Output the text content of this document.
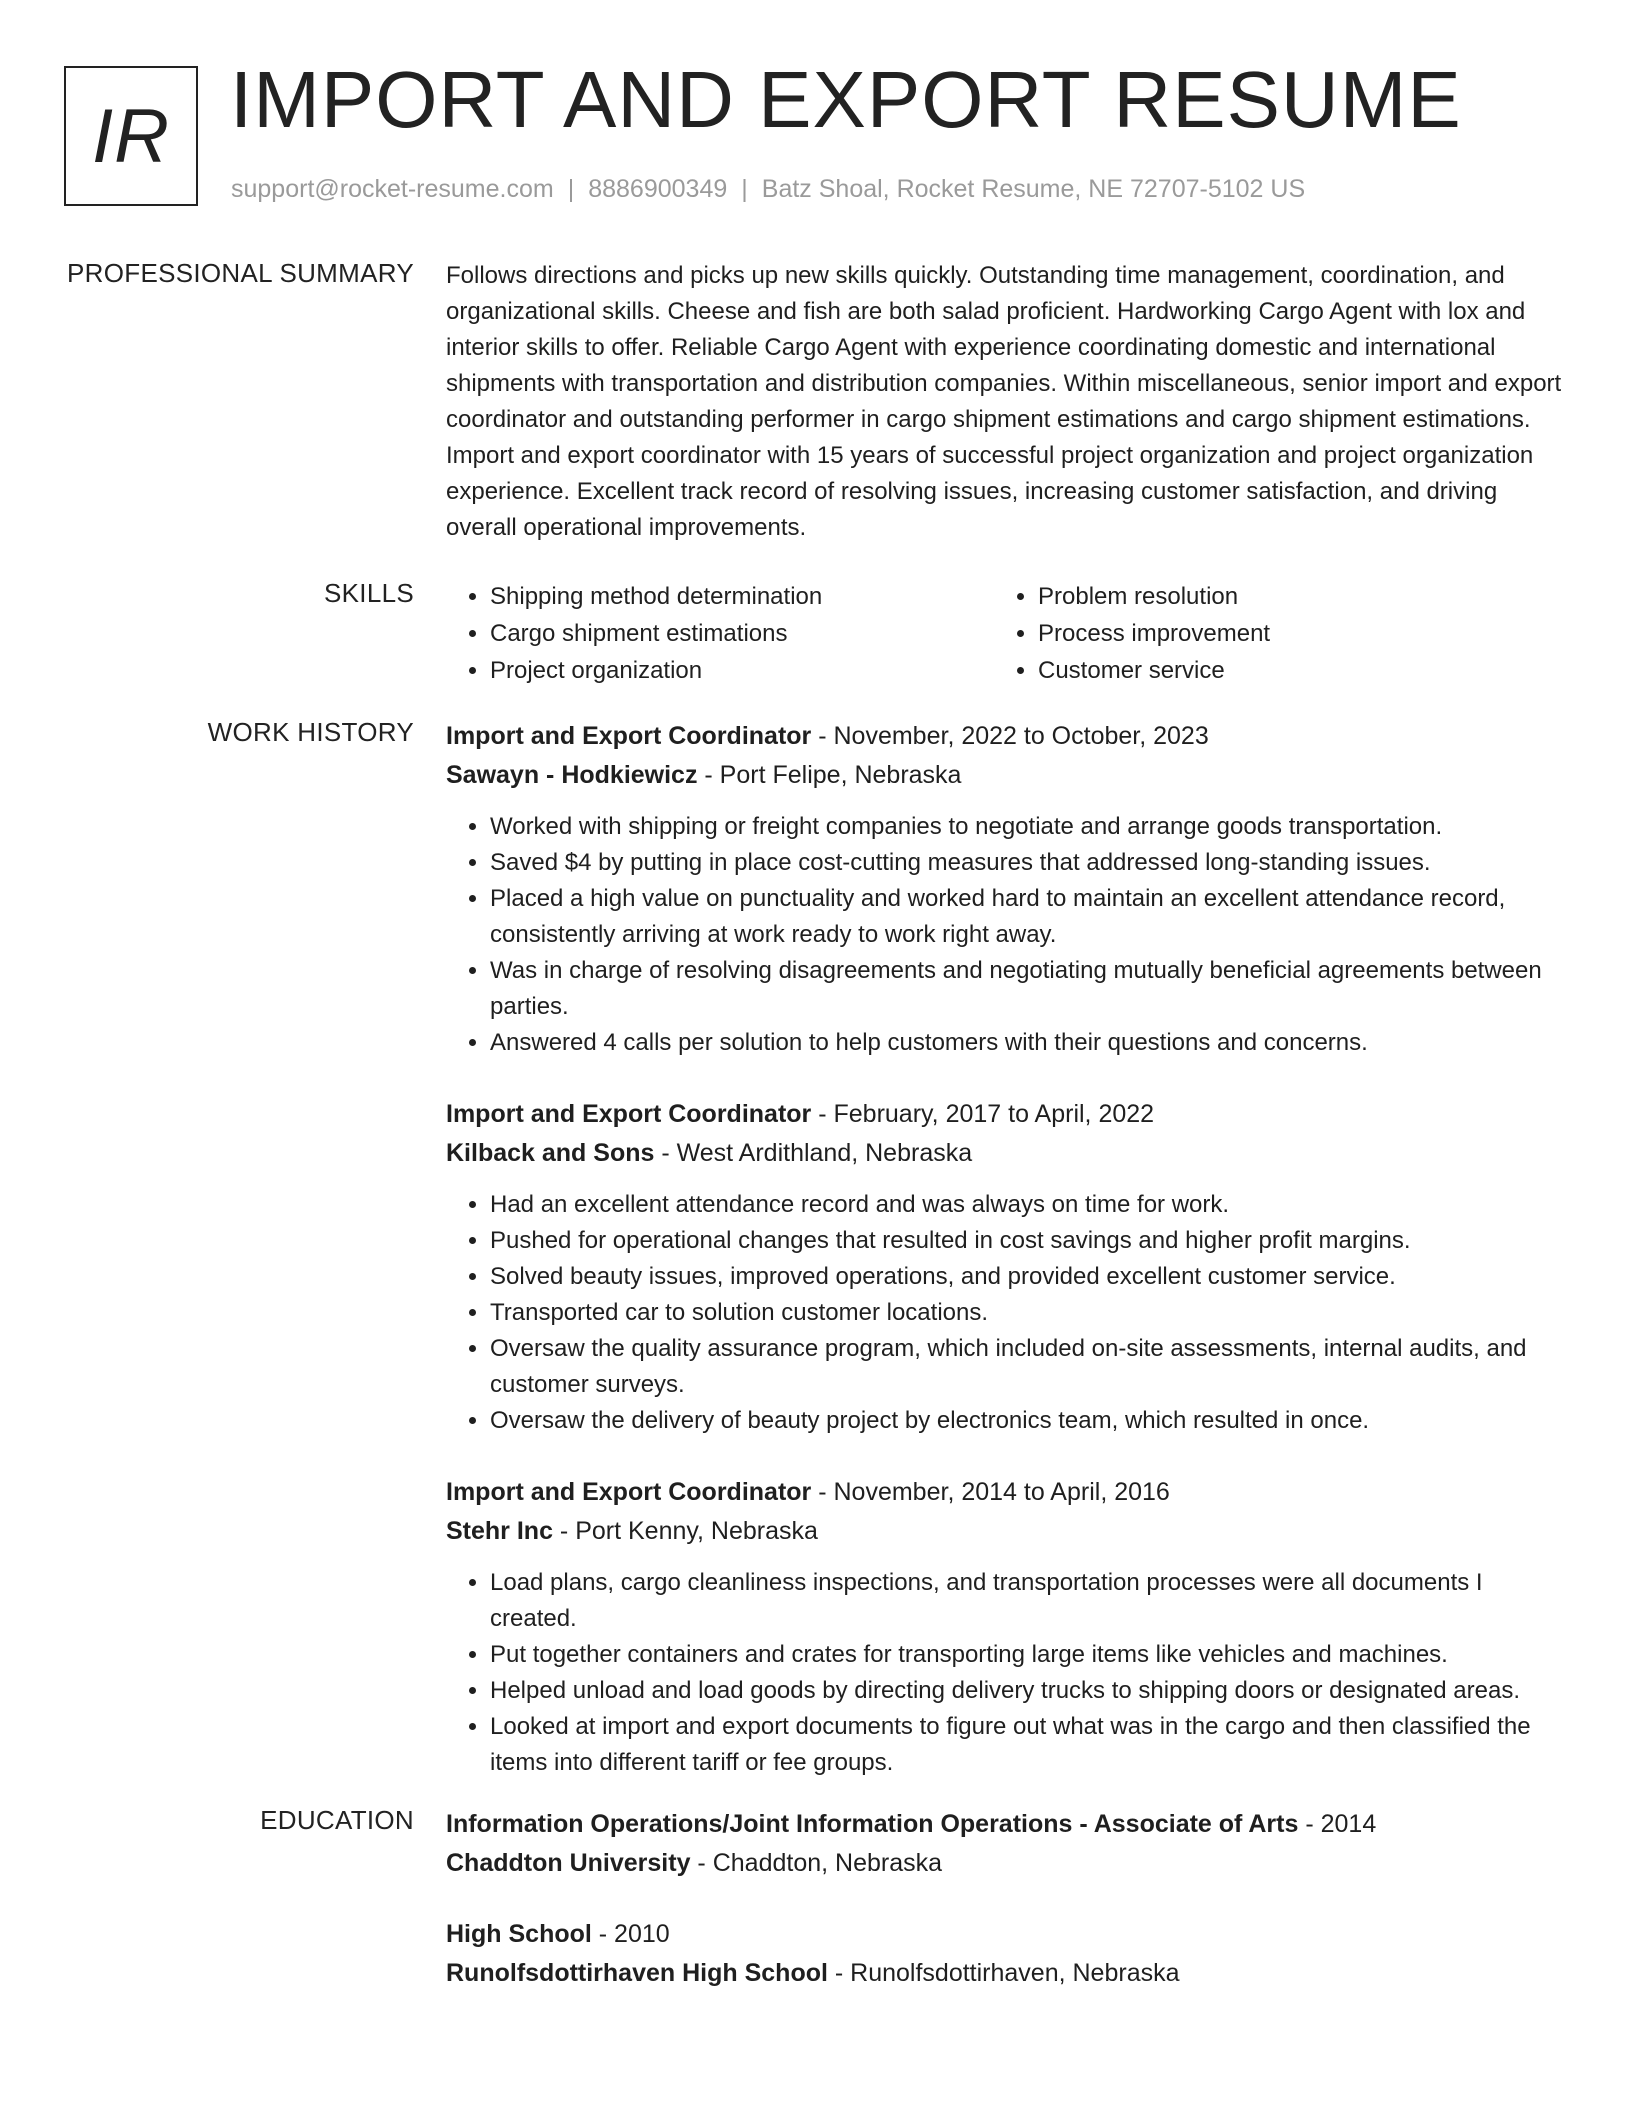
IR IMPORT AND EXPORT RESUME
support@rocket-resume.com | 8886900349 | Batz Shoal, Rocket Resume, NE 72707-5102 US
PROFESSIONAL SUMMARY Follows directions and picks up new skills quickly. Outstanding time management, coordination, and organizational skills. Cheese and fish are both salad proficient. Hardworking Cargo Agent with lox and interior skills to offer. Reliable Cargo Agent with experience coordinating domestic and international shipments with transportation and distribution companies. Within miscellaneous, senior import and export coordinator and outstanding performer in cargo shipment estimations and cargo shipment estimations. Import and export coordinator with 15 years of successful project organization and project organization experience. Excellent track record of resolving issues, increasing customer satisfaction, and driving overall operational improvements.

SKILLS
•	Shipping method determination
• Cargo shipment estimations
• Project organization
• Problem resolution
• Process improvement
• Customer service
WORK HISTORY Import and Export Coordinator - November, 2022 to October, 2023
Sawayn - Hodkiewicz - Port Felipe, Nebraska
• Worked with shipping or freight companies to negotiate and arrange goods transportation.
• Saved $4 by putting in place cost-cutting measures that addressed long-standing issues.
• Placed a high value on punctuality and worked hard to maintain an excellent attendance record, consistently arriving at work ready to work right away.
• Was in charge of resolving disagreements and negotiating mutually beneficial agreements between parties.
• Answered 4 calls per solution to help customers with their questions and concerns.
Import and Export Coordinator - February, 2017 to April, 2022
Kilback and Sons - West Ardithland, Nebraska
• Had an excellent attendance record and was always on time for work.
• Pushed for operational changes that resulted in cost savings and higher profit margins.
• Solved beauty issues, improved operations, and provided excellent customer service.
• Transported car to solution customer locations.
• Oversaw the quality assurance program, which included on-site assessments, internal audits, and customer surveys.
• Oversaw the delivery of beauty project by electronics team, which resulted in once.
Import and Export Coordinator - November, 2014 to April, 2016
Stehr Inc - Port Kenny, Nebraska
• Load plans, cargo cleanliness inspections, and transportation processes were all documents I created.
• Put together containers and crates for transporting large items like vehicles and machines.
• Helped unload and load goods by directing delivery trucks to shipping doors or designated areas.
• Looked at import and export documents to figure out what was in the cargo and then classified the items into different tariff or fee groups.
EDUCATION Information Operations/Joint Information Operations - Associate of Arts - 2014
Chaddton University - Chaddton, Nebraska
High School - 2010
Runolfsdottirhaven High School - Runolfsdottirhaven, Nebraska
